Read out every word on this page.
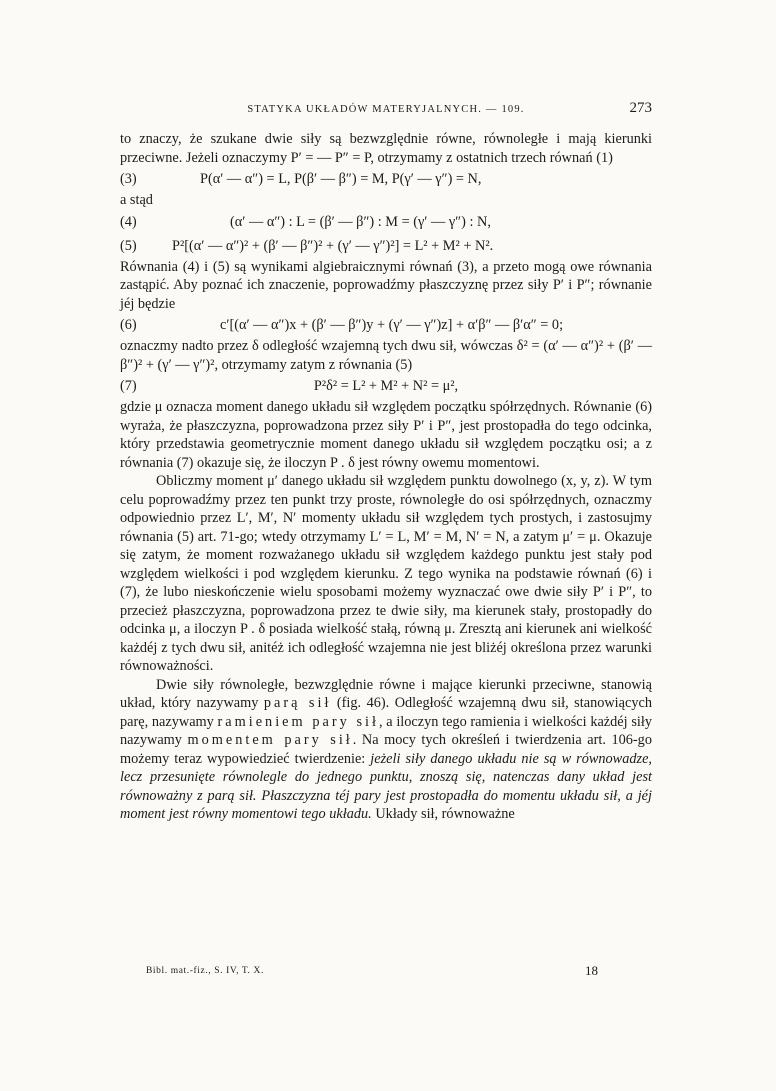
STATYKA UKŁADÓW MATERYJALNYCH. — 109.	273

to znaczy, że szukane dwie siły są bezwzględnie równe, równoległe i mają kierunki przeciwne. Jeżeli oznaczymy P′ = — P″ = P, otrzymamy z ostatnich trzech równań (1)

(3)	P(α′ — α″) = L, P(β′ — β″) = M, P(γ′ — γ″) = N,

a stąd

(4)	(α′ — α″) : L = (β′ — β″) : M = (γ′ — γ″) : N,
(5) P²[(α′ — α″)² + (β′ — β″)² + (γ′ — γ″)²] = L² + M² + N².

Równania (4) i (5) są wynikami algiebraicznymi równań (3), a przeto mogą owe równania zastąpić. Aby poznać ich znaczenie, poprowadźmy płaszczyznę przez siły P′ i P″; równanie jéj będzie

(6)	c′[(α′ — α″)x + (β′ — β″)y + (γ′ — γ″)z] + α′β″ — β′α″ = 0;

oznaczmy nadto przez δ odległość wzajemną tych dwu sił, wówczas δ² = (α′ — α″)² + (β′ — β″)² + (γ′ — γ″)², otrzymamy zatym z równania (5)

(7)	P²δ² = L² + M² + N² = μ²,

gdzie μ oznacza moment danego układu sił względem początku spółrzędnych. Równanie (6) wyraża, że płaszczyzna, poprowadzona przez siły P′ i P″, jest prostopadła do tego odcinka, który przedstawia geometrycznie moment danego układu sił względem początku osi; a z równania (7) okazuje się, że iloczyn P . δ jest równy owemu momentowi.

Obliczmy moment μ′ danego układu sił względem punktu dowolnego (x, y, z). W tym celu poprowadźmy przez ten punkt trzy proste, równoległe do osi spółrzędnych, oznaczmy odpowiednio przez L′, M′, N′ momenty układu sił względem tych prostych, i zastosujmy równania (5) art. 71-go; wtedy otrzymamy L′ = L, M′ = M, N′ = N, a zatym μ′ = μ. Okazuje się zatym, że moment rozważanego układu sił względem każdego punktu jest stały pod względem wielkości i pod względem kierunku. Z tego wynika na podstawie równań (6) i (7), że lubo nieskończenie wielu sposobami możemy wyznaczać owe dwie siły P′ i P″, to przecież płaszczyzna, poprowadzona przez te dwie siły, ma kierunek stały, prostopadły do odcinka μ, a iloczyn P . δ posiada wielkość stałą, równą μ. Zresztą ani kierunek ani wielkość każdéj z tych dwu sił, anitéż ich odległość wzajemna nie jest bliżéj określona przez warunki równoważności.

Dwie siły równoległe, bezwzględnie równe i mające kierunki przeciwne, stanowią układ, który nazywamy parą sił (fig. 46). Odległość wzajemną dwu sił, stanowiących parę, nazywamy ramieniem pary sił, a iloczyn tego ramienia i wielkości każdéj siły nazywamy momentem pary sił. Na mocy tych określeń i twierdzenia art. 106-go możemy teraz wypowiedzieć twierdzenie: jeżeli siły danego układu nie są w równowadze, lecz przesunięte równolegle do jednego punktu, znoszą się, natenczas dany układ jest równoważny z parą sił. Płaszczyzna téj pary jest prostopadła do momentu układu sił, a jéj moment jest równy momentowi tego układu. Układy sił, równoważne

Bibl. mat.-fiz., S. IV, T. X.	18
